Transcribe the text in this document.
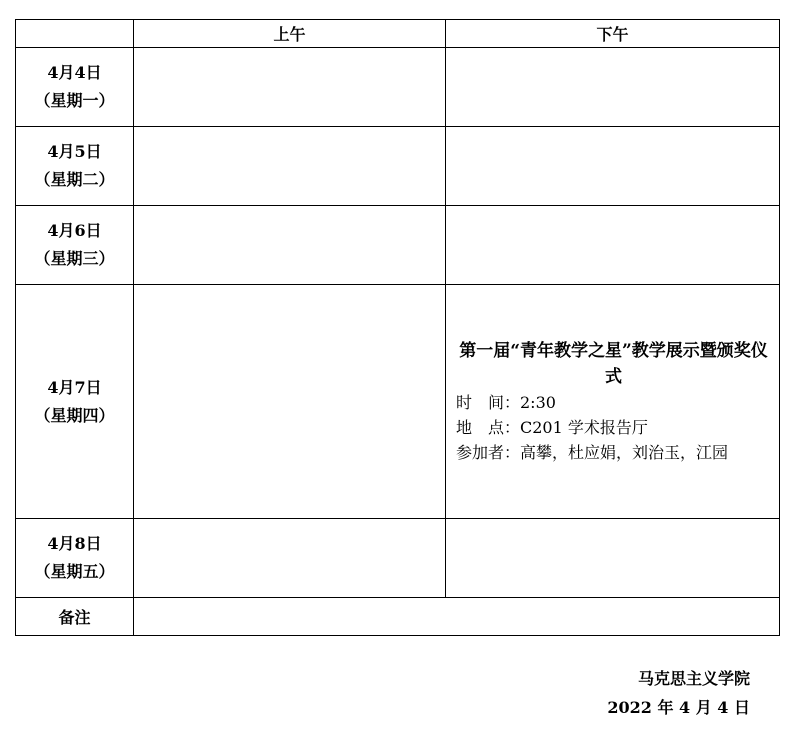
	上午	下午

4月4日
（星期一）		

4月5日
（星期二）		

4月6日
（星期三）		

4月7日
（星期四）		第一届“青年教学之星”教学展示暨颁奖仪式
时　间：2:30
地　点：C201 学术报告厅
参加者：高攀，杜应娟，刘治玉，江园

4月8日
（星期五）		

备注		
马克思主义学院
2022 年 4 月 4 日
